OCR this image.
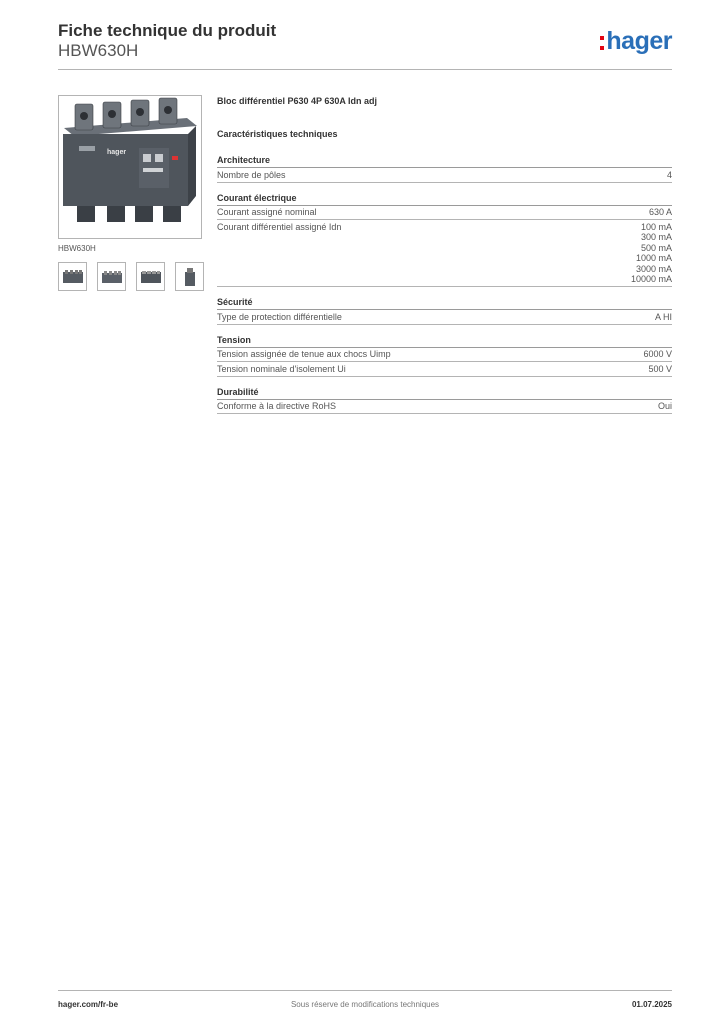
Fiche technique du produit
HBW630H	hager
hager
HBW630H
Bloc différentiel P630 4P 630A Idn adj
Caractéristiques techniques
Architecture
Nombre de pôles	4
Courant électrique
Courant assigné nominal	630 A
Courant différentiel assigné Idn	100 mA
300 mA
500 mA
1000 mA
3000 mA
10000 mA
Sécurité
Type de protection différentielle	A HI
Tension
Tension assignée de tenue aux chocs Uimp	6000 V
Tension nominale d'isolement Ui	500 V
Durabilité
Conforme à la directive RoHS	Oui
hager.com/fr-be	Sous réserve de modifications techniques	01.07.2025
